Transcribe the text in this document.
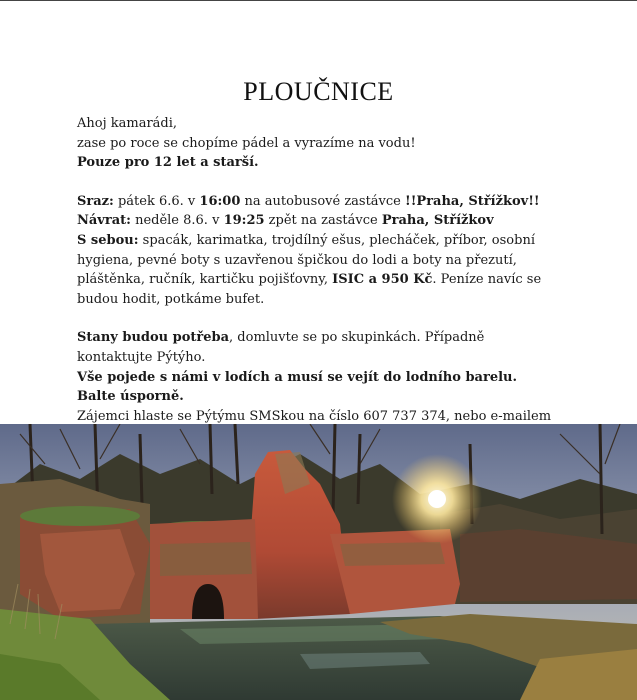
PLOUČNICE

Ahoj kamarádi,

zase po roce se chopíme pádel a vyrazíme na vodu!

Pouze pro 12 let a starší.

Sraz: pátek 6.6. v 16:00 na autobusové zastávce !!Praha, Střížkov!!

Návrat: neděle 8.6. v 19:25 zpět na zastávce Praha, Střížkov

S sebou: spacák, karimatka, trojdílný ešus, plecháček, příbor, osobní hygiena, pevné boty s uzavřenou špičkou do lodi a boty na přezutí, pláštěnka, ručník, kartičku pojišťovny, ISIC a 950 Kč. Peníze navíc se budou hodit, potkáme bufet.

Stany budou potřeba, domluvte se po skupinkách. Případně kontaktujte Pýtýho.

Vše pojede s námi v lodích a musí se vejít do lodního barelu. Balte úsporně.

Zájemci hlaste se Pýtýmu SMSkou na číslo 607 737 374, nebo e-mailem
